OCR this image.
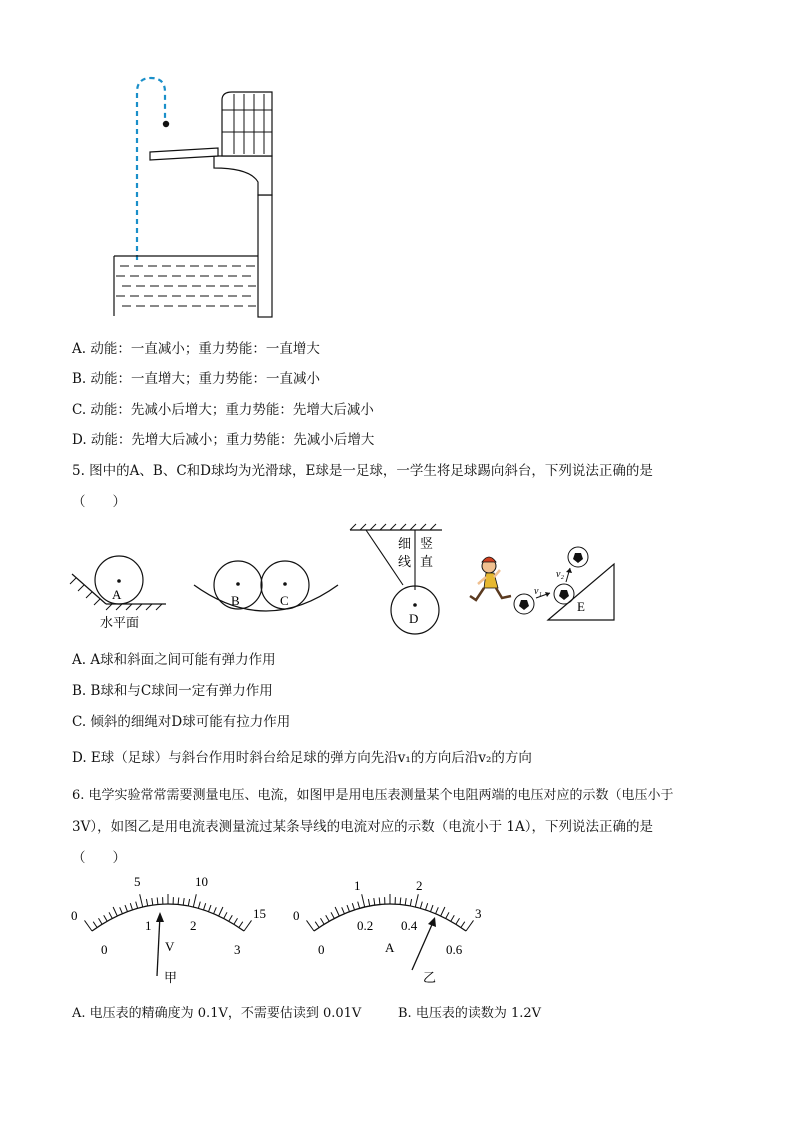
A. 动能：一直减小；重力势能：一直增大
B. 动能：一直增大；重力势能：一直减小
C. 动能：先减小后增大；重力势能：先增大后减小
D. 动能：先增大后减小；重力势能：先减小后增大
5. 图中的A、B、C和D球均为光滑球，E球是一足球，一学生将足球踢向斜台，下列说法正确的是
（　　）
A
水平面
B	C
D
细
线
竖
直
v₁
v₂
E
A. A球和斜面之间可能有弹力作用
B. B球和与C球间一定有弹力作用
C. 倾斜的细绳对D球可能有拉力作用
D. E球（足球）与斜台作用时斜台给足球的弹方向先沿v₁的方向后沿v₂的方向
6. 电学实验常常需要测量电压、电流，如图甲是用电压表测量某个电阻两端的电压对应的示数（电压小于
3V），如图乙是用电流表测量流过某条导线的电流对应的示数（电流小于 1A），下列说法正确的是
（　　）
0
5	10
15
0
1	2
3
V
甲
0
1	2
3
0
0.2 0.4
0.6
A
乙
A. 电压表的精确度为 0.1V，不需要估读到 0.01V	B. 电压表的读数为 1.2V
